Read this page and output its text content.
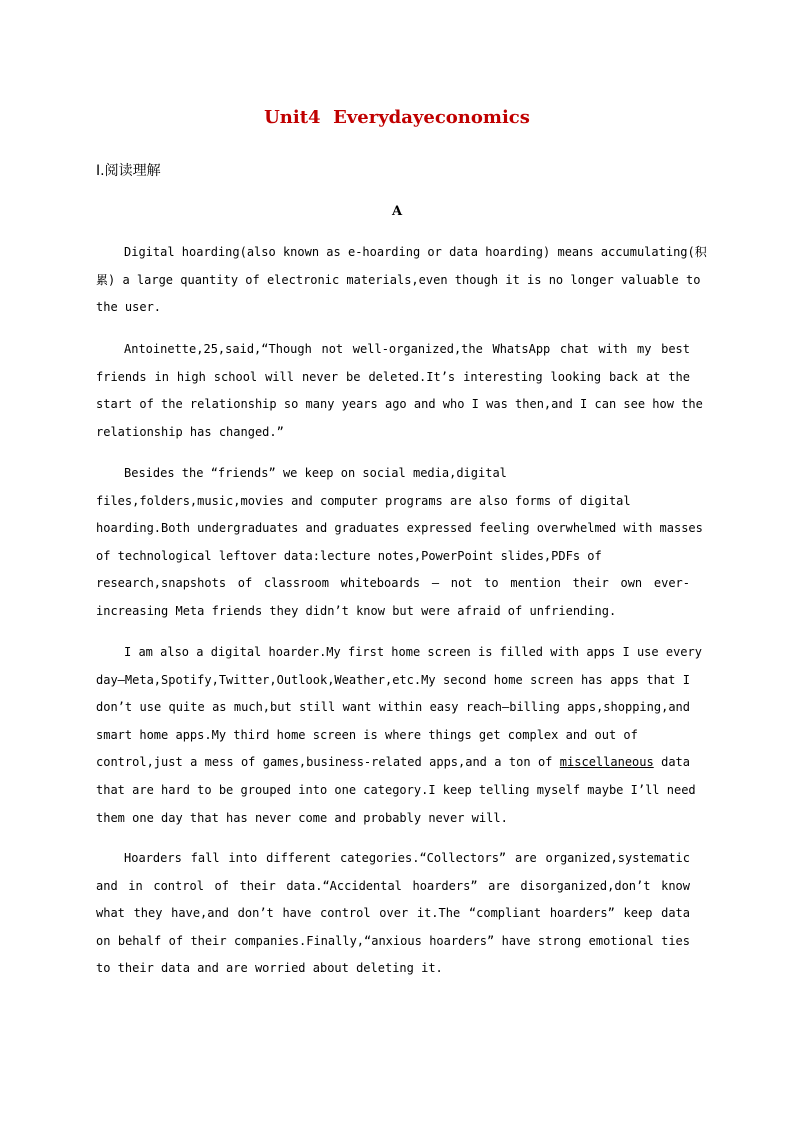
Unit4  Everydayeconomics
Ⅰ.阅读理解
A
Digital hoarding(also known as e-hoarding or data hoarding) means accumulating(积
累) a large quantity of electronic materials,even though it is no longer valuable to
the user.
Antoinette,25,said,“Though not well-organized,the WhatsApp chat with my best
friends in high school will never be deleted.It’s interesting looking back at the
start of the relationship so many years ago and who I was then,and I can see how the
relationship has changed.”
Besides the “friends” we keep on social media,digital
files,folders,music,movies and computer programs are also forms of digital
hoarding.Both undergraduates and graduates expressed feeling overwhelmed with masses
of technological leftover data:lecture notes,PowerPoint slides,PDFs of
research,snapshots of classroom whiteboards — not to mention their own ever-
increasing Meta friends they didn’t know but were afraid of unfriending.
I am also a digital hoarder.My first home screen is filled with apps I use every
day—Meta,Spotify,Twitter,Outlook,Weather,etc.My second home screen has apps that I
don’t use quite as much,but still want within easy reach—billing apps,shopping,and
smart home apps.My third home screen is where things get complex and out of
control,just a mess of games,business-related apps,and a ton of miscellaneous data
that are hard to be grouped into one category.I keep telling myself maybe I’ll need
them one day that has never come and probably never will.
Hoarders fall into different categories.“Collectors” are organized,systematic
and in control of their data.“Accidental hoarders” are disorganized,don’t know
what they have,and don’t have control over it.The “compliant hoarders” keep data
on behalf of their companies.Finally,“anxious hoarders” have strong emotional ties
to their data and are worried about deleting it.
